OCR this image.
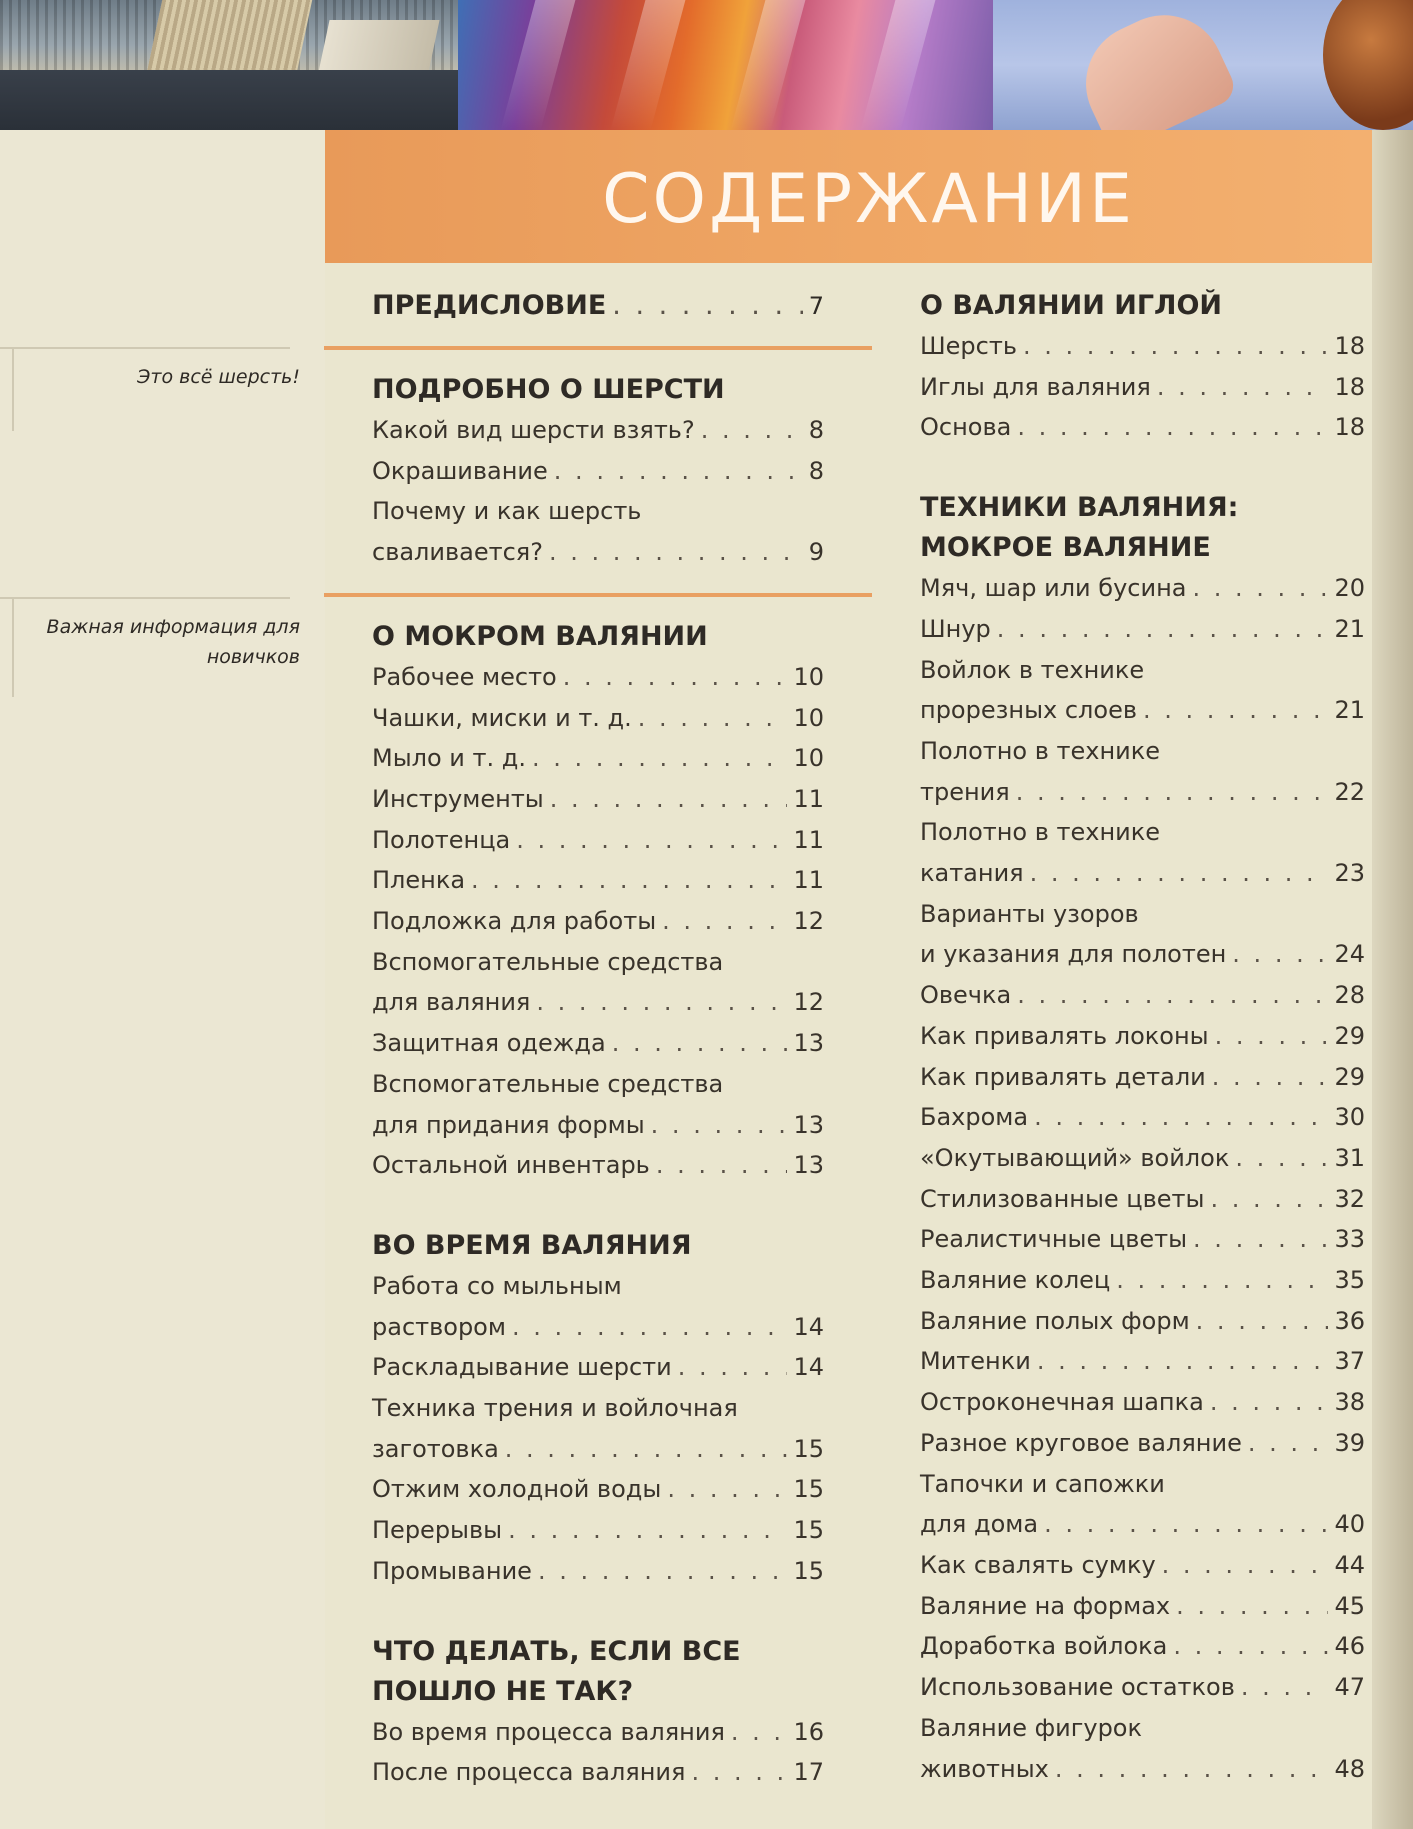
СОДЕРЖАНИЕ
Это всё шерсть!
Важная информация для новичков
ПРЕДИСЛОВИЕ . . .	7
ПОДРОБНО О ШЕРСТИ
Какой вид шерсти взять? . . .	8
Окрашивание . . .	8
Почему и как шерсть
сваливается? . . .	9
О МОКРОМ ВАЛЯНИИ
Рабочее место . . .	10
Чашки, миски и т. д. . . .	10
Мыло и т. д. . . .	10
Инструменты . . .	11
Полотенца . . .	11
Пленка . . .	11
Подложка для работы . . .	12
Вспомогательные средства
для валяния . . .	12
Защитная одежда . . .	13
Вспомогательные средства
для придания формы . . .	13
Остальной инвентарь . . .	13
ВО ВРЕМЯ ВАЛЯНИЯ
Работа со мыльным
раствором . . .	14
Раскладывание шерсти . . .	14
Техника трения и войлочная
заготовка . . .	15
Отжим холодной воды . . .	15
Перерывы . . .	15
Промывание . . .	15
ЧТО ДЕЛАТЬ, ЕСЛИ ВСЕ
ПОШЛО НЕ ТАК?
Во время процесса валяния . . .	16
После процесса валяния . . .	17
О ВАЛЯНИИ ИГЛОЙ
Шерсть . . .	18
Иглы для валяния . . .	18
Основа . . .	18
ТЕХНИКИ ВАЛЯНИЯ:
МОКРОЕ ВАЛЯНИЕ
Мяч, шар или бусина . . .	20
Шнур . . .	21
Войлок в технике
прорезных слоев . . .	21
Полотно в технике
трения . . .	22
Полотно в технике
катания . . .	23
Варианты узоров
и указания для полотен . . .	24
Овечка . . .	28
Как привалять локоны . . .	29
Как привалять детали . . .	29
Бахрома . . .	30
«Окутывающий» войлок . . .	31
Стилизованные цветы . . .	32
Реалистичные цветы . . .	33
Валяние колец . . .	35
Валяние полых форм . . .	36
Митенки . . .	37
Остроконечная шапка . . .	38
Разное круговое валяние . . .	39
Тапочки и сапожки
для дома . . .	40
Как свалять сумку . . .	44
Валяние на формах . . .	45
Доработка войлока . . .	46
Использование остатков . . .	47
Валяние фигурок
животных . . .	48
